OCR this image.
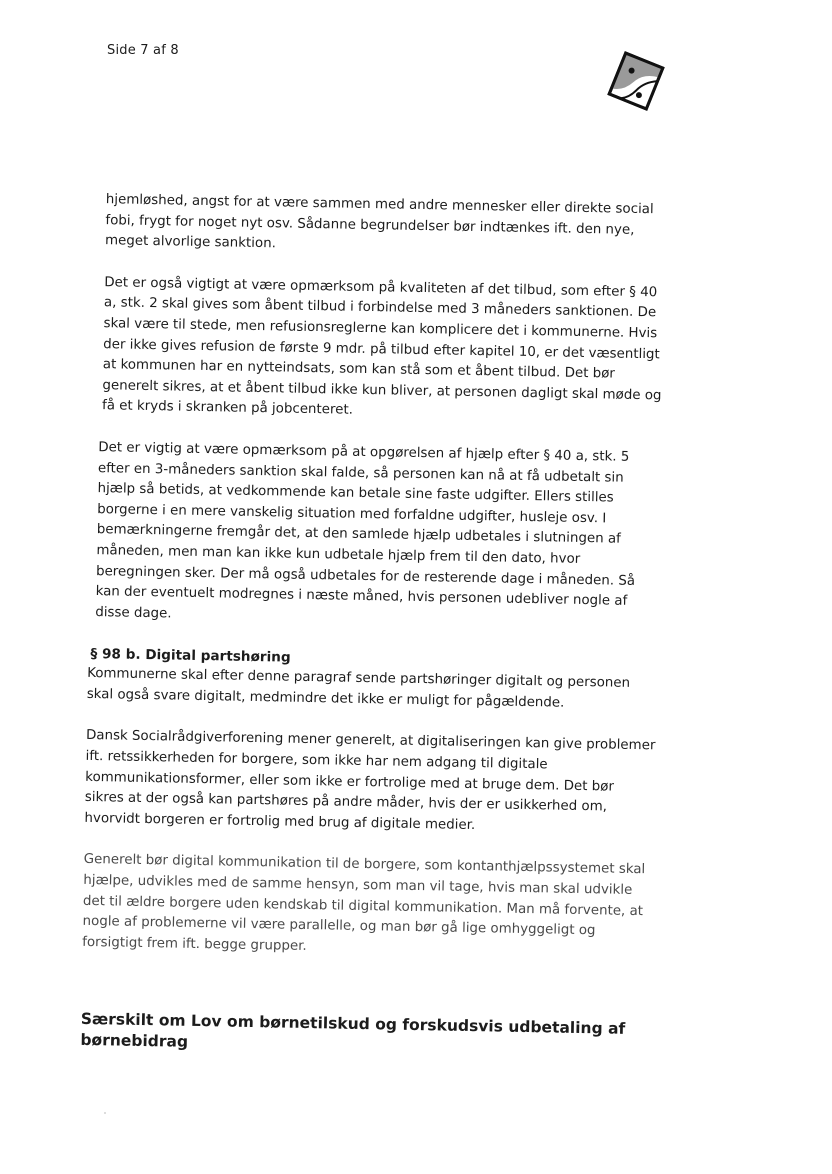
Side 7 af 8

hjemløshed, angst for at være sammen med andre mennesker eller direkte social fobi, frygt for noget nyt osv. Sådanne begrundelser bør indtænkes ift. den nye, meget alvorlige sanktion.

Det er også vigtigt at være opmærksom på kvaliteten af det tilbud, som efter § 40 a, stk. 2 skal gives som åbent tilbud i forbindelse med 3 måneders sanktionen. De skal være til stede, men refusionsreglerne kan komplicere det i kommunerne. Hvis der ikke gives refusion de første 9 mdr. på tilbud efter kapitel 10, er det væsentligt at kommunen har en nytteindsats, som kan stå som et åbent tilbud. Det bør generelt sikres, at et åbent tilbud ikke kun bliver, at personen dagligt skal møde og få et kryds i skranken på jobcenteret.

Det er vigtig at være opmærksom på at opgørelsen af hjælp efter § 40 a, stk. 5 efter en 3-måneders sanktion skal falde, så personen kan nå at få udbetalt sin hjælp så betids, at vedkommende kan betale sine faste udgifter. Ellers stilles borgerne i en mere vanskelig situation med forfaldne udgifter, husleje osv. I bemærkningerne fremgår det, at den samlede hjælp udbetales i slutningen af måneden, men man kan ikke kun udbetale hjælp frem til den dato, hvor beregningen sker. Der må også udbetales for de resterende dage i måneden. Så kan der eventuelt modregnes i næste måned, hvis personen udebliver nogle af disse dage.

§ 98 b. Digital partshøring

Kommunerne skal efter denne paragraf sende partshøringer digitalt og personen skal også svare digitalt, medmindre det ikke er muligt for pågældende.

Dansk Socialrådgiverforening mener generelt, at digitaliseringen kan give problemer ift. retssikkerheden for borgere, som ikke har nem adgang til digitale kommunikationsformer, eller som ikke er fortrolige med at bruge dem. Det bør sikres at der også kan partshøres på andre måder, hvis der er usikkerhed om, hvorvidt borgeren er fortrolig med brug af digitale medier.

Generelt bør digital kommunikation til de borgere, som kontanthjælpssystemet skal hjælpe, udvikles med de samme hensyn, som man vil tage, hvis man skal udvikle det til ældre borgere uden kendskab til digital kommunikation. Man må forvente, at nogle af problemerne vil være parallelle, og man bør gå lige omhyggeligt og forsigtigt frem ift. begge grupper.

Særskilt om Lov om børnetilskud og forskudsvis udbetaling af børnebidrag
